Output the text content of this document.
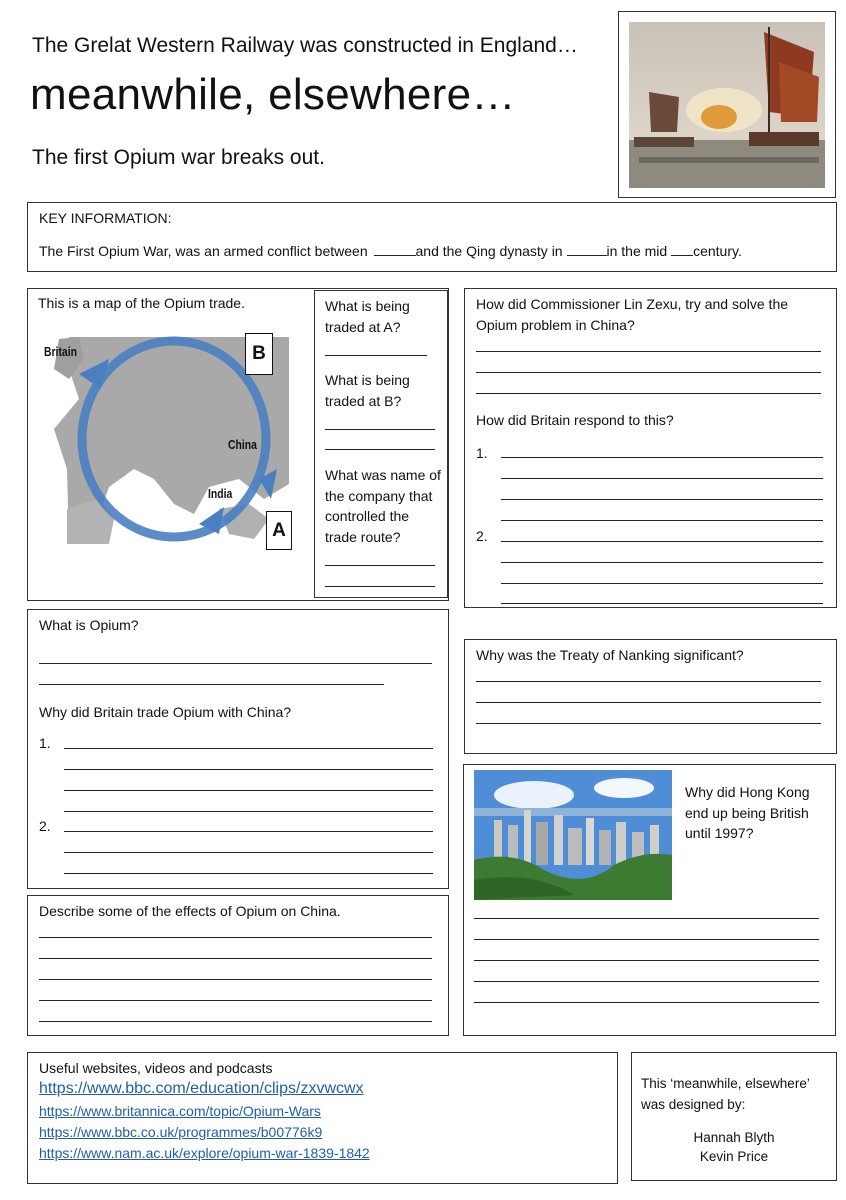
The Grelat Western Railway was constructed in England…
meanwhile, elsewhere…
The first Opium war breaks out.
KEY INFORMATION:
The First Opium War, was an armed conflict between	and the Qing dynasty in	in the mid century.
This is a map of the Opium trade.
Britain
China
India
B
A
What is being traded at A?
What is being traded at B?
What was name of the company that controlled the trade route?
How did Commissioner Lin Zexu, try and solve the Opium problem in China?
How did Britain respond to this?
1.
2.
What is Opium?
Why did Britain trade Opium with China?
1.
2.
Why was the Treaty of Nanking significant?
Why did Hong Kong end up being British until 1997?
Describe some of the effects of Opium on China.
Useful websites, videos and podcasts
https://www.bbc.com/education/clips/zxvwcwx
https://www.britannica.com/topic/Opium-Wars
https://www.bbc.co.uk/programmes/b00776k9
https://www.nam.ac.uk/explore/opium-war-1839-1842
This ‘meanwhile, elsewhere’ was designed by:
Hannah Blyth
Kevin Price
